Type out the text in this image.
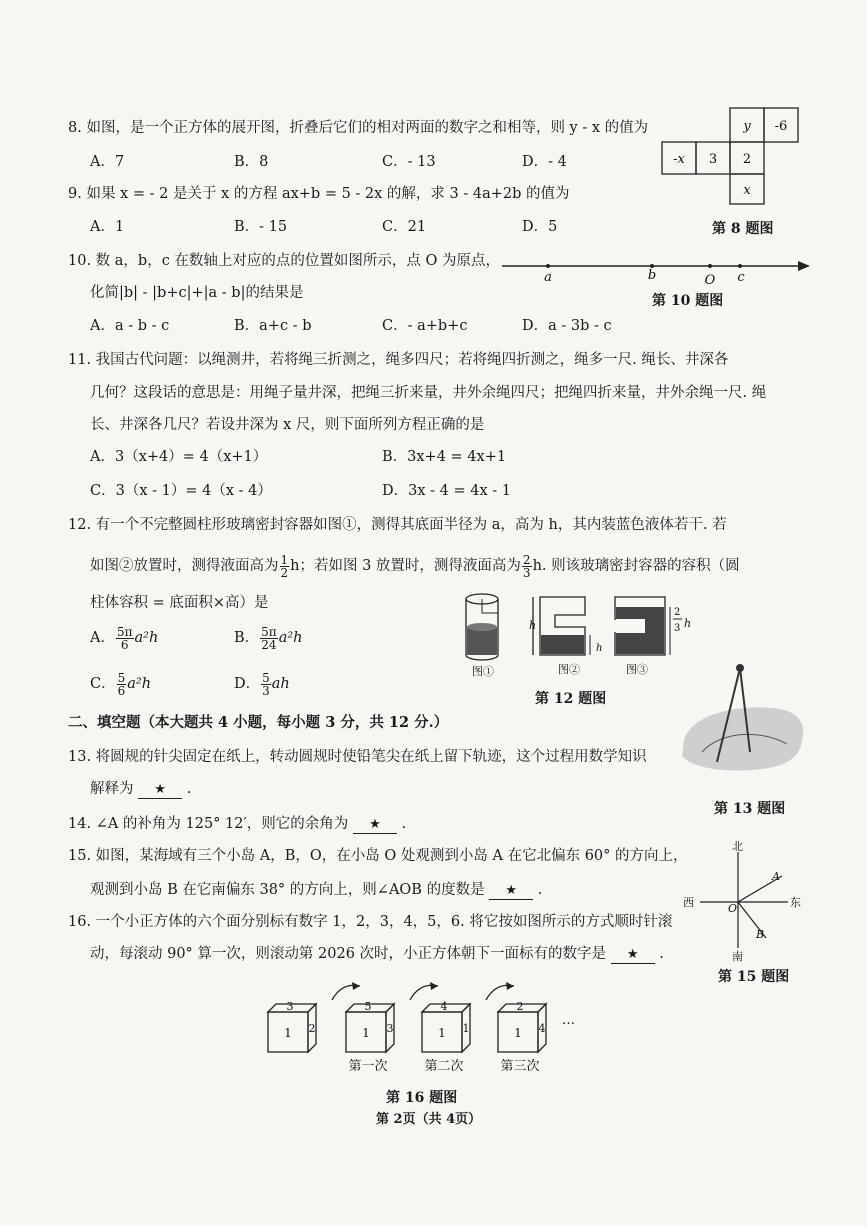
8. 如图，是一个正方体的展开图，折叠后它们的相对两面的数字之和相等，则 y - x 的值为
A．7	B．8	C．- 13	D．- 4
y -6
-x 3 2
x
第 8 题图
9. 如果 x = - 2 是关于 x 的方程 ax+b = 5 - 2x 的解，求 3 - 4a+2b 的值为
A．1	B．- 15	C．21	D．5
10. 数 a，b，c 在数轴上对应的点的位置如图所示，点 O 为原点，
化简|b| - |b+c|+|a - b|的结果是
a	b	O c
第 10 题图
A．a - b - c	B．a+c - b	C．- a+b+c	D．a - 3b - c
11. 我国古代问题：以绳测井，若将绳三折测之，绳多四尺；若将绳四折测之，绳多一尺. 绳长、井深各
几何？这段话的意思是：用绳子量井深，把绳三折来量，井外余绳四尺；把绳四折来量，井外余绳一尺. 绳
长、井深各几尺？若设井深为 x 尺，则下面所列方程正确的是
A．3（x+4）= 4（x+1）	B．3x+4 = 4x+1
C．3（x - 1）= 4（x - 4）	D．3x - 4 = 4x - 1
12. 有一个不完整圆柱形玻璃密封容器如图①，测得其底面半径为 a，高为 h，其内装蓝色液体若干. 若
如图②放置时，测得液面高为 $\frac{1}{2}$ h；若如图 3 放置时，测得液面高为 $\frac{2}{3} h$. 则该玻璃密封容器的容积（圆
柱体容积 = 底面积×高）是
A． $\frac{5\pi}{6} a^2h$	B． $\frac{5\pi}{24} a^2h$
C． $\frac{5}{6} a^2h$	D． $\frac{5}{3}$ ah
图①
h
h
图②
2
3 h
图③
第 12 题图
二、填空题（本大题共 4 小题，每小题 3 分，共 12 分.）
13. 将圆规的针尖固定在纸上，转动圆规时使铅笔尖在纸上留下轨迹，这个过程用数学知识
解释为 ★ .
第 13 题图
14. ∠A 的补角为 125° 12′，则它的余角为 ★ .
15. 如图，某海域有三个小岛 A，B，O，在小岛 O 处观测到小岛 A 在它北偏东 60° 的方向上，
观测到小岛 B 在它南偏东 38° 的方向上，则∠AOB 的度数是 ★ .
北
南
东
西	O
A
B
第 15 题图
16. 一个小正方体的六个面分别标有数字 1，2，3，4，5，6. 将它按如图所示的方式顺时针滚
动，每滚动 90° 算一次，则滚动第 2026 次时，小正方体朝下一面标有的数字是 ★ .
3
1 2
5
1 3
第一次
4
1 1
第二次
2
1 4
第三次
…
第 16 题图
第 2页（共 4页）
